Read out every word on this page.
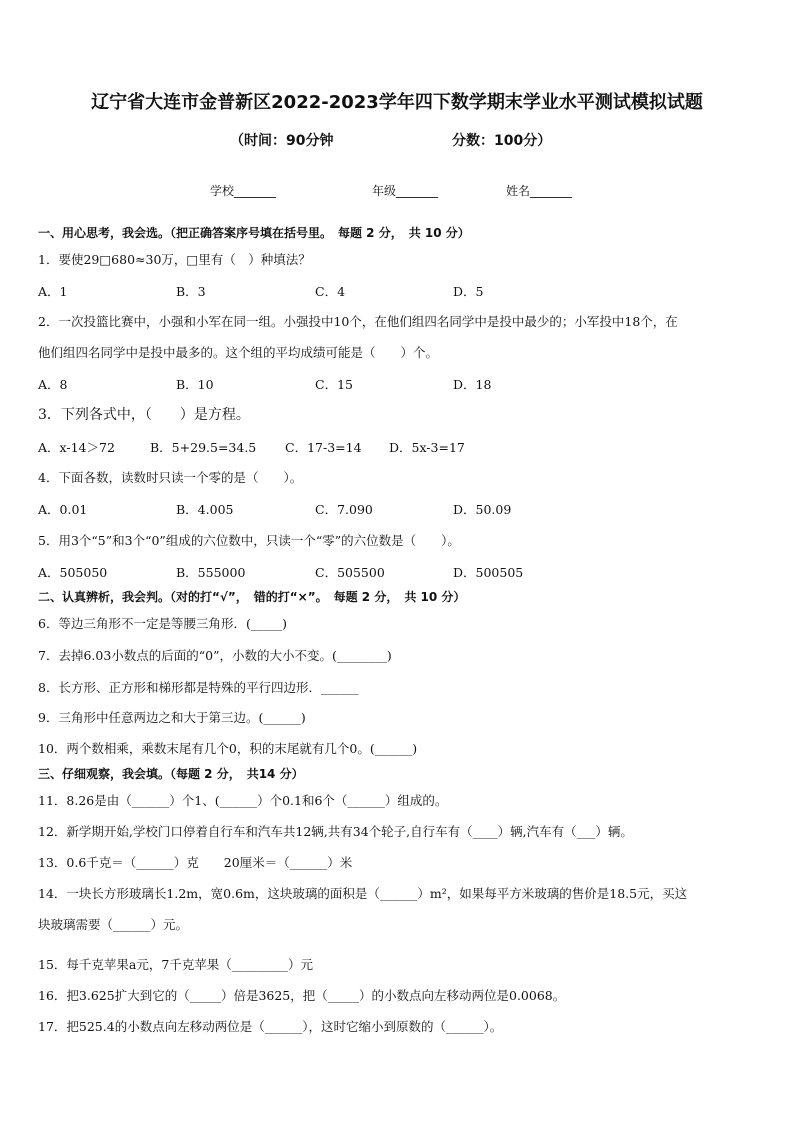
辽宁省大连市金普新区2022-2023学年四下数学期末学业水平测试模拟试题
（时间：90分钟	分数：100分）
学校_______	年级_______	姓名_______
一、用心思考，我会选。（把正确答案序号填在括号里。　每题 2 分，　共 10 分）
1．要使29□680≈30万，□里有（　）种填法？
A．1	B．3	C．4	D．5
2．一次投篮比赛中，小强和小军在同一组。小强投中10个，在他们组四名同学中是投中最少的；小军投中18个，在
他们组四名同学中是投中最多的。这个组的平均成绩可能是（　　）个。
A．8	B．10	C．15	D．18
3．下列各式中，（　　）是方程。
A．x-14＞72	B．5+29.5=34.5 C．17-3=14 D．5x-3=17
4．下面各数，读数时只读一个零的是（　　）。
A．0.01	B．4.005	C．7.090	D．50.09
5．用3个“5”和3个“0”组成的六位数中，只读一个“零”的六位数是（　　）。
A．505050	B．555000	C．505500	D．500505
二、认真辨析，我会判。（对的打“√”，　错的打“×”。　每题 2 分，　共 10 分）
6．等边三角形不一定是等腰三角形．(_____)
7．去掉6.03小数点的后面的“0”，小数的大小不变。(________)
8．长方形、正方形和梯形都是特殊的平行四边形．______
9．三角形中任意两边之和大于第三边。(______)
10．两个数相乘，乘数末尾有几个0，积的末尾就有几个0。(______)
三、仔细观察，我会填。（每题 2 分，　共14 分）
11．8.26是由（______）个1、(______）个0.1和6个（______）组成的。
12．新学期开始,学校门口停着自行车和汽车共12辆,共有34个轮子,自行车有（____）辆,汽车有（___）辆。
13．0.6千克＝（______）克　　20厘米＝（______）米
14．一块长方形玻璃长1.2m，宽0.6m，这块玻璃的面积是（______）m²，如果每平方米玻璃的售价是18.5元，买这
块玻璃需要（______）元。
15．每千克苹果a元，7千克苹果（_________）元
16．把3.625扩大到它的（_____）倍是3625，把（_____）的小数点向左移动两位是0.0068。
17．把525.4的小数点向左移动两位是（______），这时它缩小到原数的（______）。
